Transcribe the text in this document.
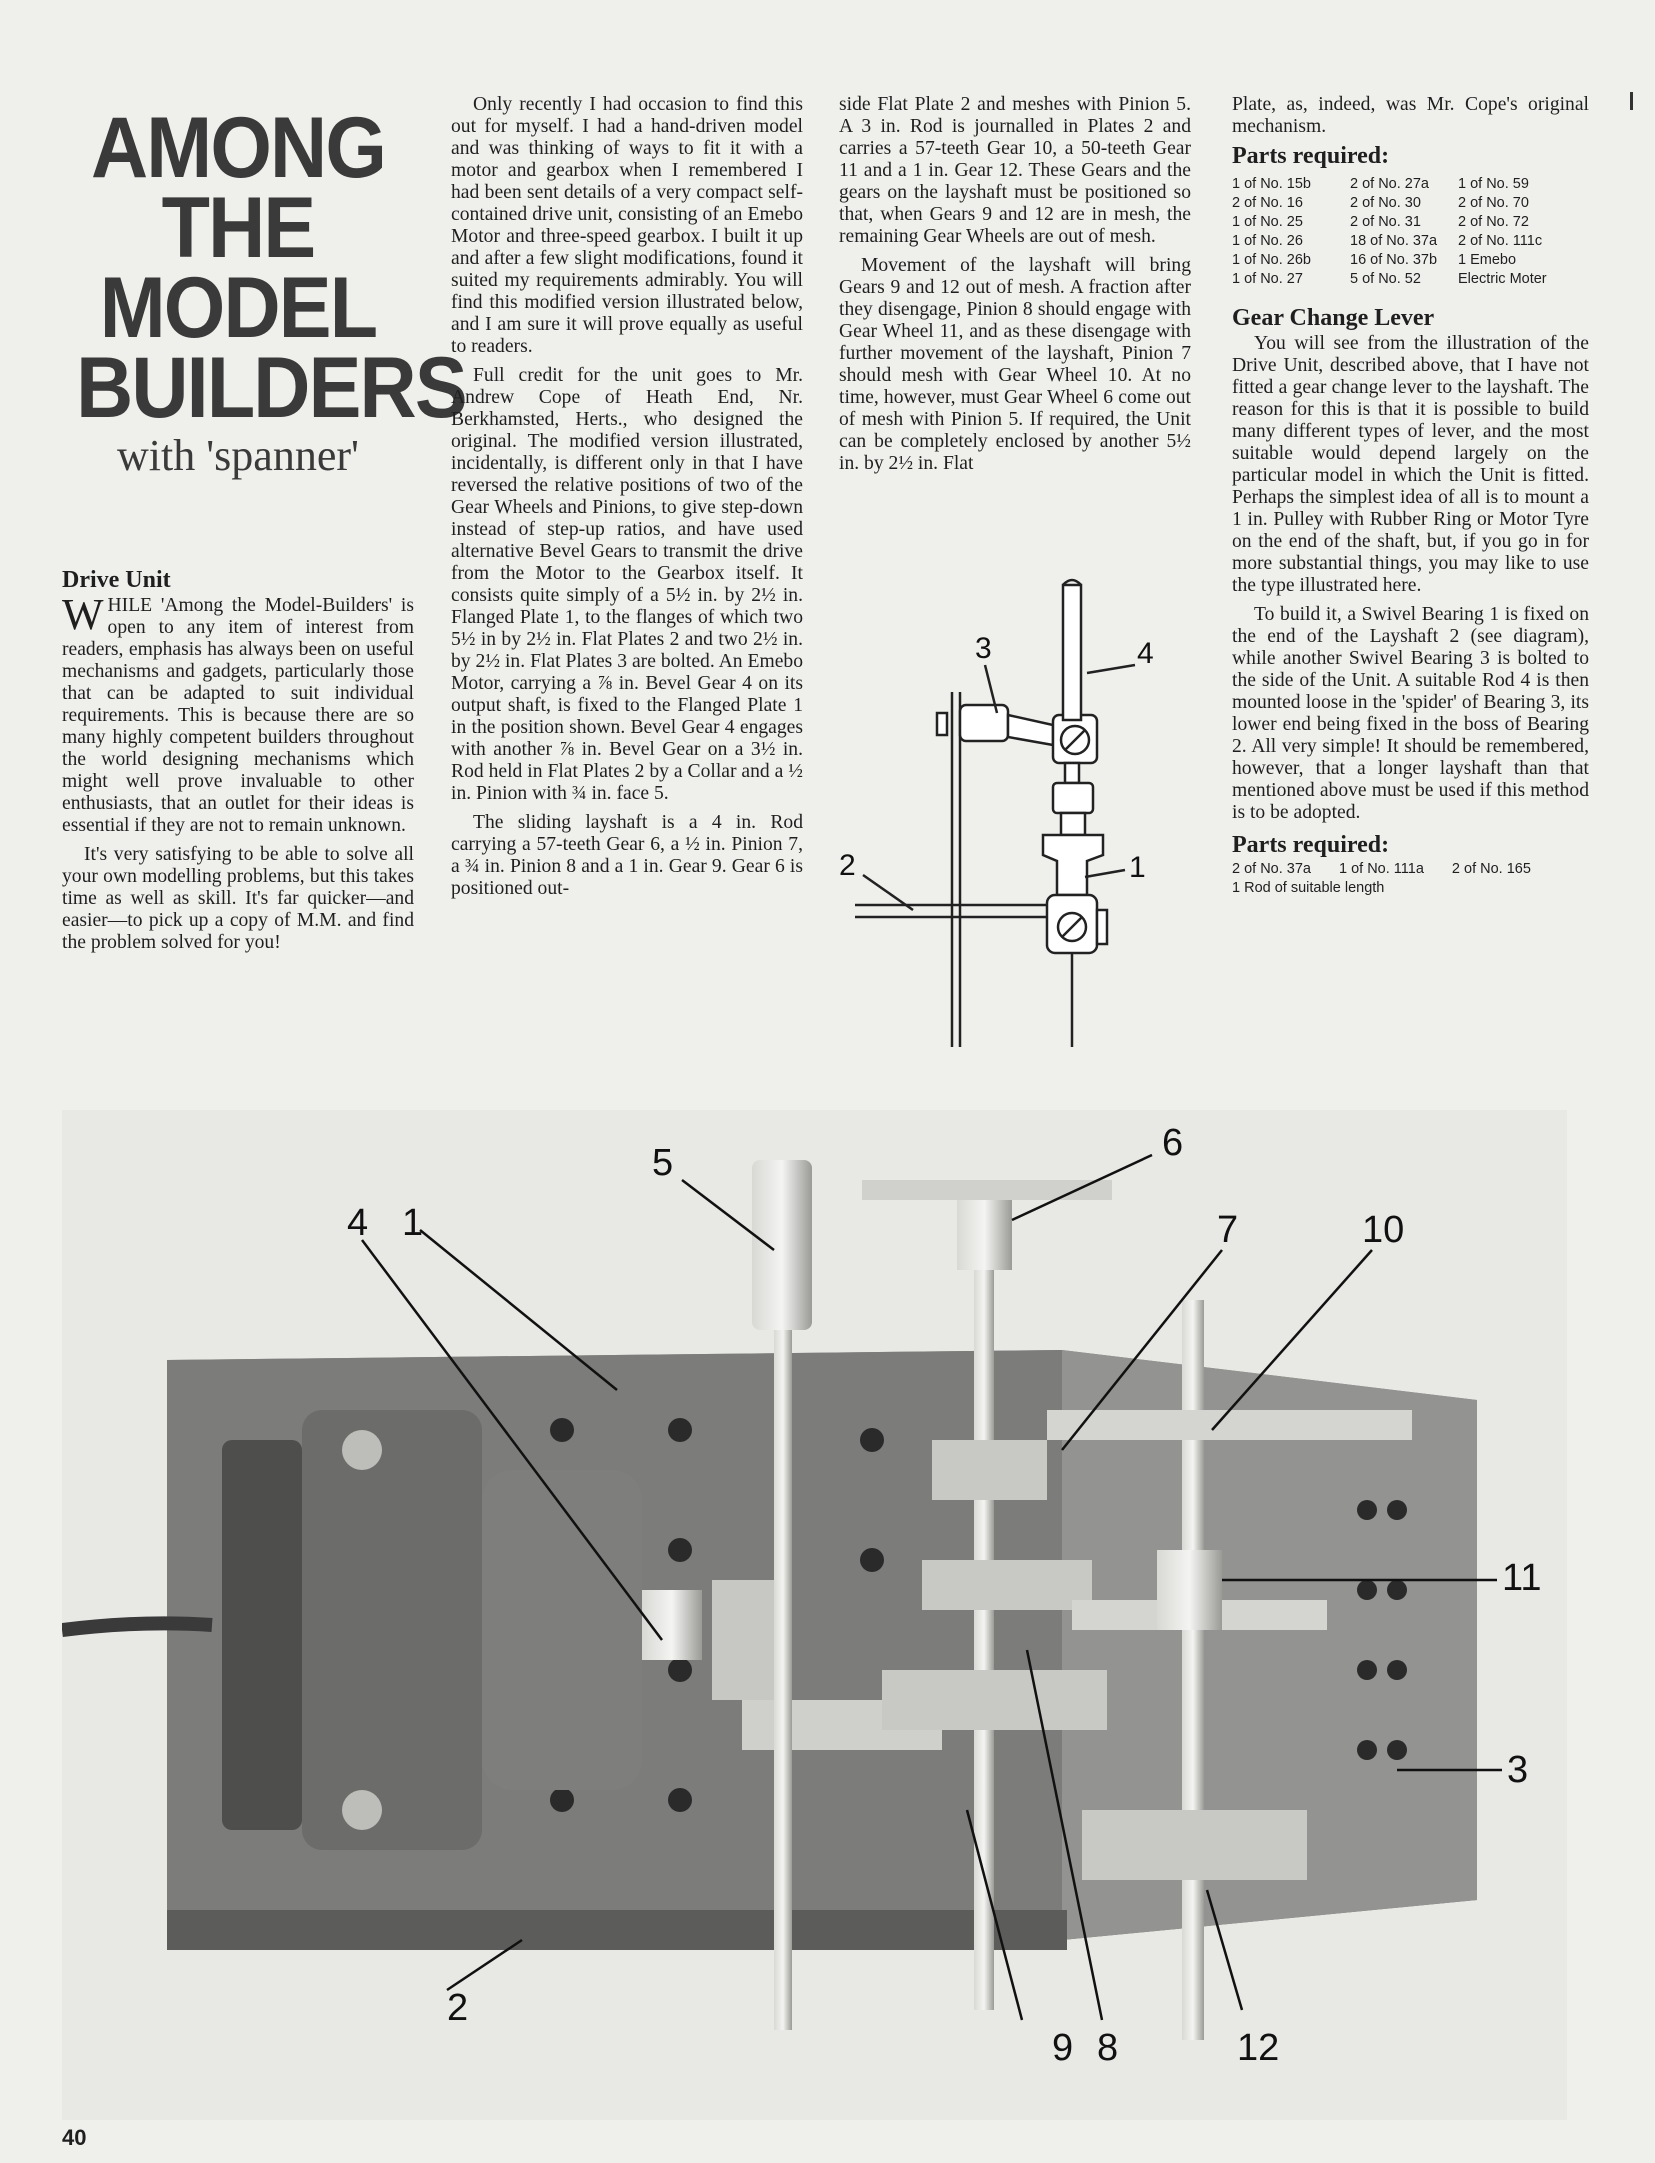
AMONG
THE
MODEL
BUILDERS
with 'spanner'
Drive Unit

WHILE 'Among the Model-Builders' is open to any item of interest from readers, emphasis has always been on useful mechanisms and gadgets, particularly those that can be adapted to suit individual requirements. This is because there are so many highly competent builders throughout the world designing mechanisms which might well prove invaluable to other enthusiasts, that an outlet for their ideas is essential if they are not to remain unknown.

It's very satisfying to be able to solve all your own modelling problems, but this takes time as well as skill. It's far quicker—and easier—to pick up a copy of M.M. and find the problem solved for you!

Only recently I had occasion to find this out for myself. I had a hand-driven model and was thinking of ways to fit it with a motor and gearbox when I remembered I had been sent details of a very compact self-contained drive unit, consisting of an Emebo Motor and three-speed gearbox. I built it up and after a few slight modifications, found it suited my requirements admirably. You will find this modified version illustrated below, and I am sure it will prove equally as useful to readers.

Full credit for the unit goes to Mr. Andrew Cope of Heath End, Nr. Berkhamsted, Herts., who designed the original. The modified version illustrated, incidentally, is different only in that I have reversed the relative positions of two of the Gear Wheels and Pinions, to give step-down instead of step-up ratios, and have used alternative Bevel Gears to transmit the drive from the Motor to the Gearbox itself. It consists quite simply of a 5½ in. by 2½ in. Flanged Plate 1, to the flanges of which two 5½ in by 2½ in. Flat Plates 2 and two 2½ in. by 2½ in. Flat Plates 3 are bolted. An Emebo Motor, carrying a ⅞ in. Bevel Gear 4 on its output shaft, is fixed to the Flanged Plate 1 in the position shown. Bevel Gear 4 engages with another ⅞ in. Bevel Gear on a 3½ in. Rod held in Flat Plates 2 by a Collar and a ½ in. Pinion with ¾ in. face 5.

The sliding layshaft is a 4 in. Rod carrying a 57-teeth Gear 6, a ½ in. Pinion 7, a ¾ in. Pinion 8 and a 1 in. Gear 9. Gear 6 is positioned out-

side Flat Plate 2 and meshes with Pinion 5. A 3 in. Rod is journalled in Plates 2 and carries a 57-teeth Gear 10, a 50-teeth Gear 11 and a 1 in. Gear 12. These Gears and the gears on the layshaft must be positioned so that, when Gears 9 and 12 are in mesh, the remaining Gear Wheels are out of mesh.

Movement of the layshaft will bring Gears 9 and 12 out of mesh. A fraction after they disengage, Pinion 8 should engage with Gear Wheel 11, and as these disengage with further movement of the layshaft, Pinion 7 should mesh with Gear Wheel 10. At no time, however, must Gear Wheel 6 come out of mesh with Pinion 5. If required, the Unit can be completely enclosed by another 5½ in. by 2½ in. Flat

Plate, as, indeed, was Mr. Cope's original mechanism.

Parts required:
1 of No. 15b	2 of No. 27a	1 of No. 59
2 of No. 16	2 of No. 30	2 of No. 70
1 of No. 25	2 of No. 31	2 of No. 72
1 of No. 26	18 of No. 37a	2 of No. 111c
1 of No. 26b	16 of No. 37b	1 Emebo
1 of No. 27	5 of No. 52	Electric Moter
Gear Change Lever

You will see from the illustration of the Drive Unit, described above, that I have not fitted a gear change lever to the layshaft. The reason for this is that it is possible to build many different types of lever, and the most suitable would depend largely on the particular model in which the Unit is fitted. Perhaps the simplest idea of all is to mount a 1 in. Pulley with Rubber Ring or Motor Tyre on the end of the shaft, but, if you go in for more substantial things, you may like to use the type illustrated here.

To build it, a Swivel Bearing 1 is fixed on the end of the Layshaft 2 (see diagram), while another Swivel Bearing 3 is bolted to the side of the Unit. A suitable Rod 4 is then mounted loose in the 'spider' of Bearing 3, its lower end being fixed in the boss of Bearing 2. All very simple! It should be remembered, however, that a longer layshaft than that mentioned above must be used if this method is to be adopted.

Parts required:
2 of No. 37a 1 of No. 111a 2 of No. 165
1 Rod of suitable length
3	4
1
2
5	6
7	10
11
3
12
8
9
4 1
2
40
